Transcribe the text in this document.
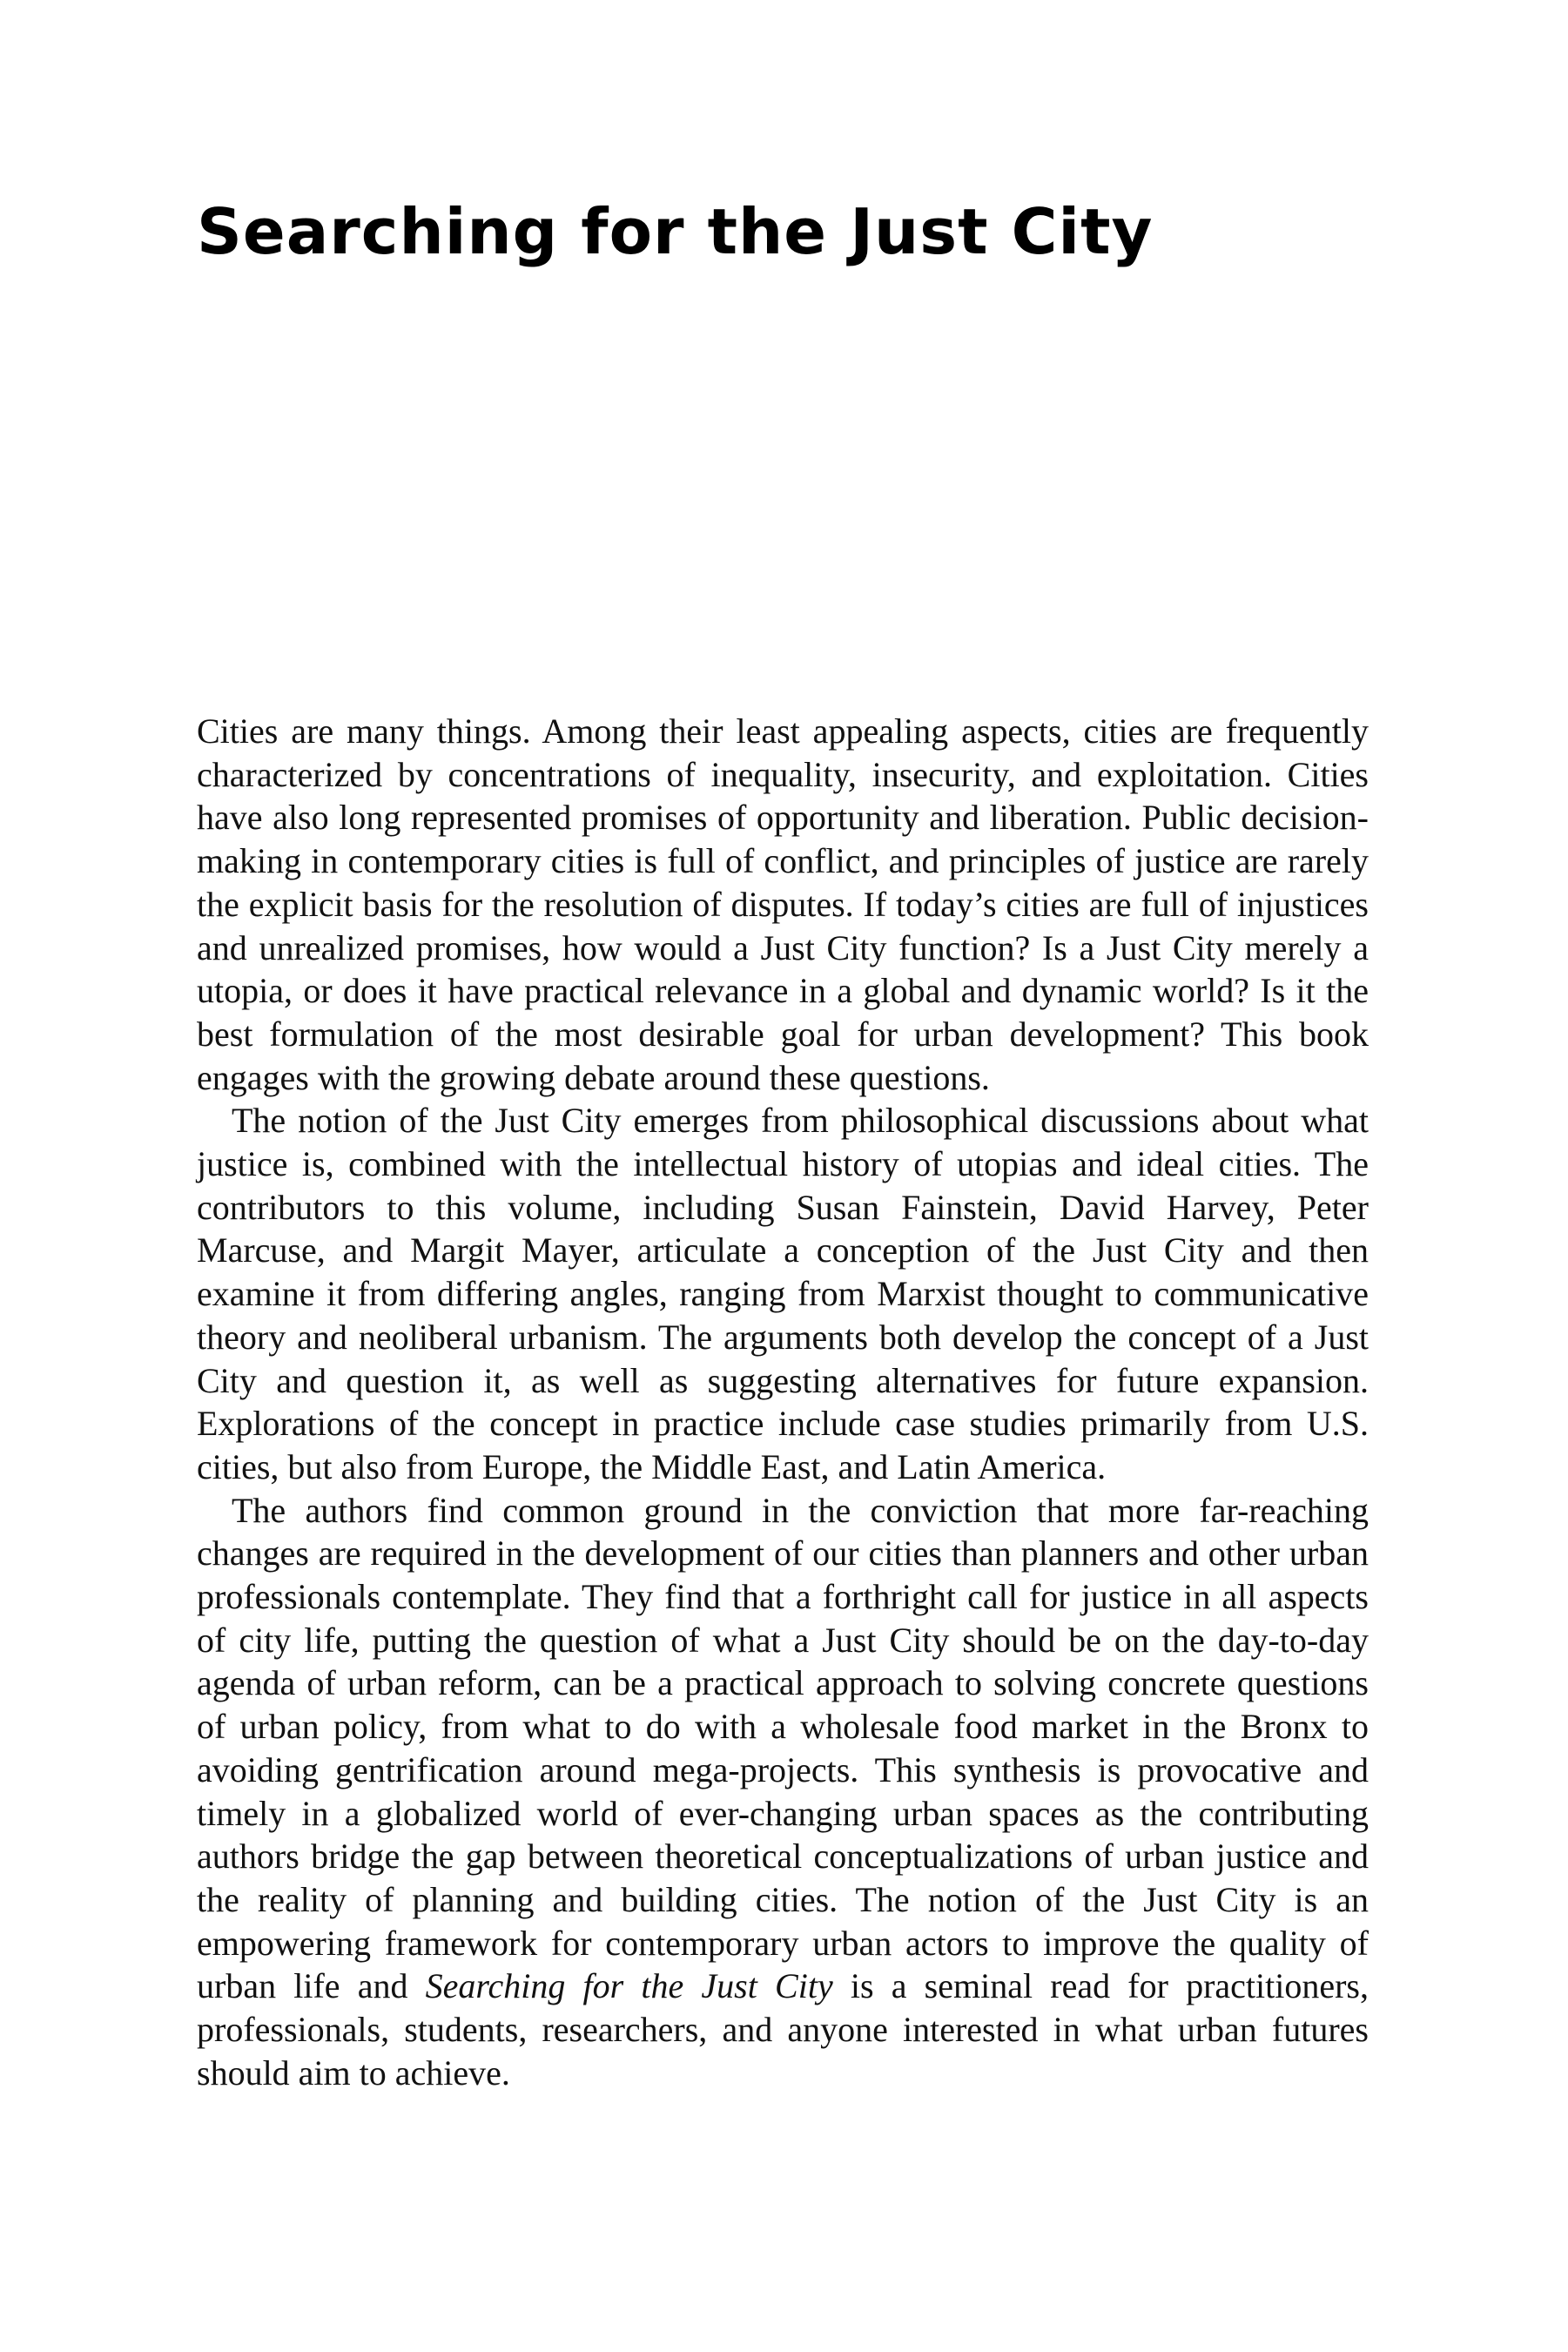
Searching for the Just City

Cities are many things. Among their least appealing aspects, cities are frequently characterized by concentrations of inequality, insecurity, and exploitation. Cities have also long represented promises of opportunity and liberation. Public decision-making in contemporary cities is full of conflict, and principles of justice are rarely the explicit basis for the resolution of disputes. If today’s cities are full of injustices and unrealized promises, how would a Just City function? Is a Just City merely a utopia, or does it have practical relevance in a global and dynamic world? Is it the best formulation of the most desirable goal for urban development? This book engages with the growing debate around these questions.

The notion of the Just City emerges from philosophical discussions about what justice is, combined with the intellectual history of utopias and ideal cities. The contributors to this volume, including Susan Fainstein, David Harvey, Peter Marcuse, and Margit Mayer, articulate a conception of the Just City and then examine it from differing angles, ranging from Marxist thought to communicative theory and neoliberal urbanism. The arguments both develop the concept of a Just City and question it, as well as suggesting alternatives for future expansion. Explorations of the concept in practice include case studies primarily from U.S. cities, but also from Europe, the Middle East, and Latin America.

The authors find common ground in the conviction that more far-reaching changes are required in the development of our cities than planners and other urban professionals contemplate. They find that a forthright call for justice in all aspects of city life, putting the question of what a Just City should be on the day-to-day agenda of urban reform, can be a practical approach to solving concrete questions of urban policy, from what to do with a wholesale food market in the Bronx to avoiding gentrification around mega-projects. This synthesis is provocative and timely in a globalized world of ever-changing urban spaces as the contributing authors bridge the gap between theoretical conceptualizations of urban justice and the reality of planning and building cities. The notion of the Just City is an empowering framework for contemporary urban actors to improve the quality of urban life and Searching for the Just City is a seminal read for practitioners, professionals, students, researchers, and anyone interested in what urban futures should aim to achieve.
